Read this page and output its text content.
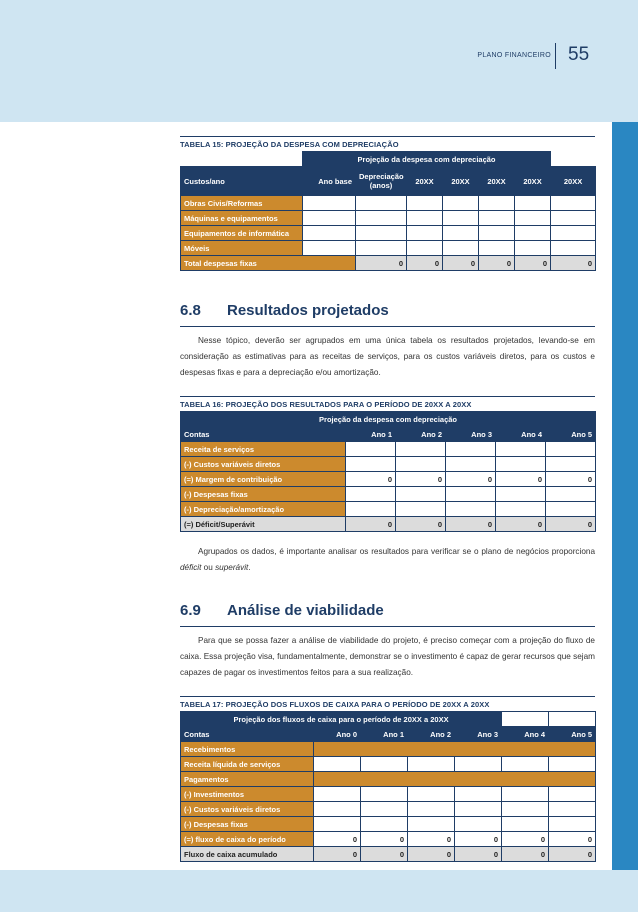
PLANO FINANCEIRO 55
TABELA 15: PROJEÇÃO DA DESPESA COM DEPRECIAÇÃO
	Projeção da despesa com depreciação						
Custos/ano	Ano base	Depreciação (anos)	20XX	20XX	20XX	20XX	20XX
Obras Civis/Reformas							
Máquinas e equipamentos							
Equipamentos de informática							
Móveis							
Total despesas fixas		0	0	0	0	0	0
6.8 Resultados projetados
Nesse tópico, deverão ser agrupados em uma única tabela os resultados projetados, levando-se em consideração as estimativas para as receitas de serviços, para os custos variáveis diretos, para os custos e despesas fixas e para a depreciação e/ou amortização.
TABELA 16: PROJEÇÃO DOS RESULTADOS PARA O PERÍODO DE 20XX A 20XX
Projeção da despesa com depreciação					
Contas	Ano 1	Ano 2	Ano 3	Ano 4	Ano 5
Receita de serviços					
(-) Custos variáveis diretos					
(=) Margem de contribuição	0	0	0	0	0
(-) Despesas fixas					
(-) Depreciação/amortização					
(=) Déficit/Superávit	0	0	0	0	0
Agrupados os dados, é importante analisar os resultados para verificar se o plano de negócios proporciona déficit ou superávit.
6.9 Análise de viabilidade
Para que se possa fazer a análise de viabilidade do projeto, é preciso começar com a projeção do fluxo de caixa. Essa projeção visa, fundamentalmente, demonstrar se o investimento é capaz de gerar recursos que sejam capazes de pagar os investimentos feitos para a sua realização.
TABELA 17: PROJEÇÃO DOS FLUXOS DE CAIXA PARA O PERÍODO DE 20XX A 20XX
Projeção dos fluxos de caixa para o período de 20XX a 20XX						
Contas	Ano 0	Ano 1	Ano 2	Ano 3	Ano 4	Ano 5
Recebimentos						
Receita líquida de serviços						
Pagamentos						
(-) Investimentos						
(-) Custos variáveis diretos						
(-) Despesas fixas						
(=) fluxo de caixa do período	0	0	0	0	0	0
Fluxo de caixa acumulado	0	0	0	0	0	0
